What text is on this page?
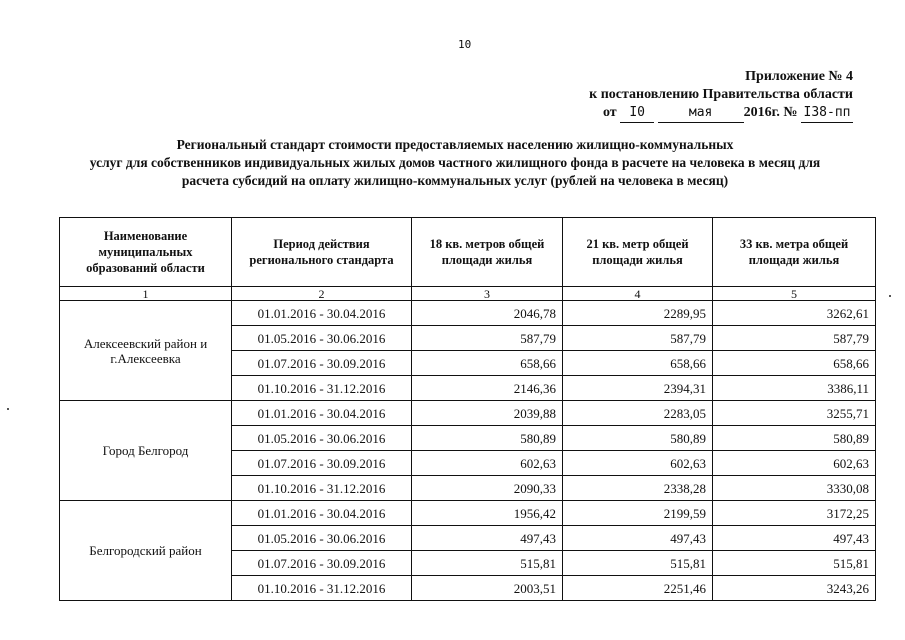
10
Приложение № 4
к постановлению Правительства области
от I0	мая 2016г. № I38-пп
Региональный стандарт стоимости предоставляемых населению жилищно-коммунальных
услуг для собственников индивидуальных жилых домов частного жилищного фонда в расчете на человека в месяц для
расчета субсидий на оплату жилищно-коммунальных услуг (рублей на человека в месяц)
Наименование муниципальных образований области	Период действия регионального стандарта	18 кв. метров общей площади жилья	21 кв. метр общей площади жилья	33 кв. метра общей площади жилья
1	2	3	4	5
Алексеевский район и г.Алексеевка	01.01.2016 - 30.04.2016	2046,78	2289,95	3262,61
	01.05.2016 - 30.06.2016	587,79	587,79	587,79
	01.07.2016 - 30.09.2016	658,66	658,66	658,66
	01.10.2016 - 31.12.2016	2146,36	2394,31	3386,11
Город Белгород	01.01.2016 - 30.04.2016	2039,88	2283,05	3255,71
	01.05.2016 - 30.06.2016	580,89	580,89	580,89
	01.07.2016 - 30.09.2016	602,63	602,63	602,63
	01.10.2016 - 31.12.2016	2090,33	2338,28	3330,08
Белгородский район	01.01.2016 - 30.04.2016	1956,42	2199,59	3172,25
	01.05.2016 - 30.06.2016	497,43	497,43	497,43
	01.07.2016 - 30.09.2016	515,81	515,81	515,81
	01.10.2016 - 31.12.2016	2003,51	2251,46	3243,26
